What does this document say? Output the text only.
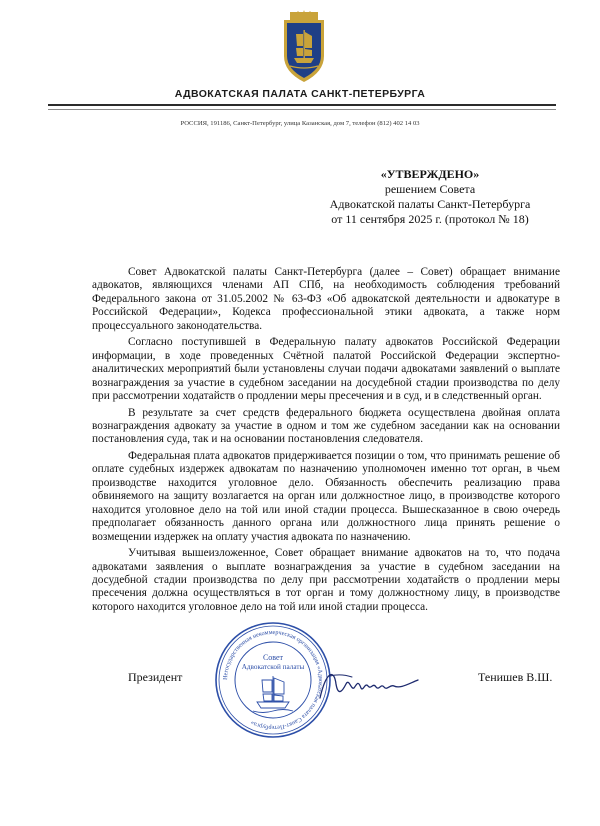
АДВОКАТСКАЯ ПАЛАТА САНКТ-ПЕТЕРБУРГА
РОССИЯ, 191186, Санкт-Петербург, улица Казанская, дом 7, телефон (812) 402 14 03
«УТВЕРЖДЕНО»
решением Совета
Адвокатской палаты Санкт-Петербурга
от 11 сентября 2025 г. (протокол № 18)

Совет Адвокатской палаты Санкт-Петербурга (далее – Совет) обращает внимание адвокатов, являющихся членами АП СПб, на необходимость соблюдения требований Федерального закона от 31.05.2002 № 63-ФЗ «Об адвокатской деятельности и адвокатуре в Российской Федерации», Кодекса профессиональной этики адвоката, а также норм процессуального законодательства.

Согласно поступившей в Федеральную палату адвокатов Российской Федерации информации, в ходе проведенных Счётной палатой Российской Федерации экспертно-аналитических мероприятий были установлены случаи подачи адвокатами заявлений о выплате вознаграждения за участие в судебном заседании на досудебной стадии производства по делу при рассмотрении ходатайств о продлении меры пресечения и в суд, и в следственный орган.

В результате за счет средств федерального бюджета осуществлена двойная оплата вознаграждения адвокату за участие в одном и том же судебном заседании как на основании постановления суда, так и на основании постановления следователя.

Федеральная плата адвокатов придерживается позиции о том, что принимать решение об оплате судебных издержек адвокатам по назначению уполномочен именно тот орган, в чьем производстве находится уголовное дело. Обязанность обеспечить реализацию права обвиняемого на защиту возлагается на орган или должностное лицо, в производстве которого находится уголовное дело на той или иной стадии процесса. Вышесказанное в свою очередь предполагает обязанность данного органа или должностного лица принять решение о возмещении издержек на оплату участия адвоката по назначению.

Учитывая вышеизложенное, Совет обращает внимание адвокатов на то, что подача адвокатами заявления о выплате вознаграждения за участие в судебном заседании на досудебной стадии производства по делу при рассмотрении ходатайств о продлении меры пресечения должна осуществляться в тот орган и тому должностному лицу, в производстве которого находится уголовное дело на той или иной стадии процесса.

Негосударственная некоммерческая организация «Адвокатская палата Санкт-Петербурга»
Совет
Адвокатской палаты
Президент	Тенишев В.Ш.
